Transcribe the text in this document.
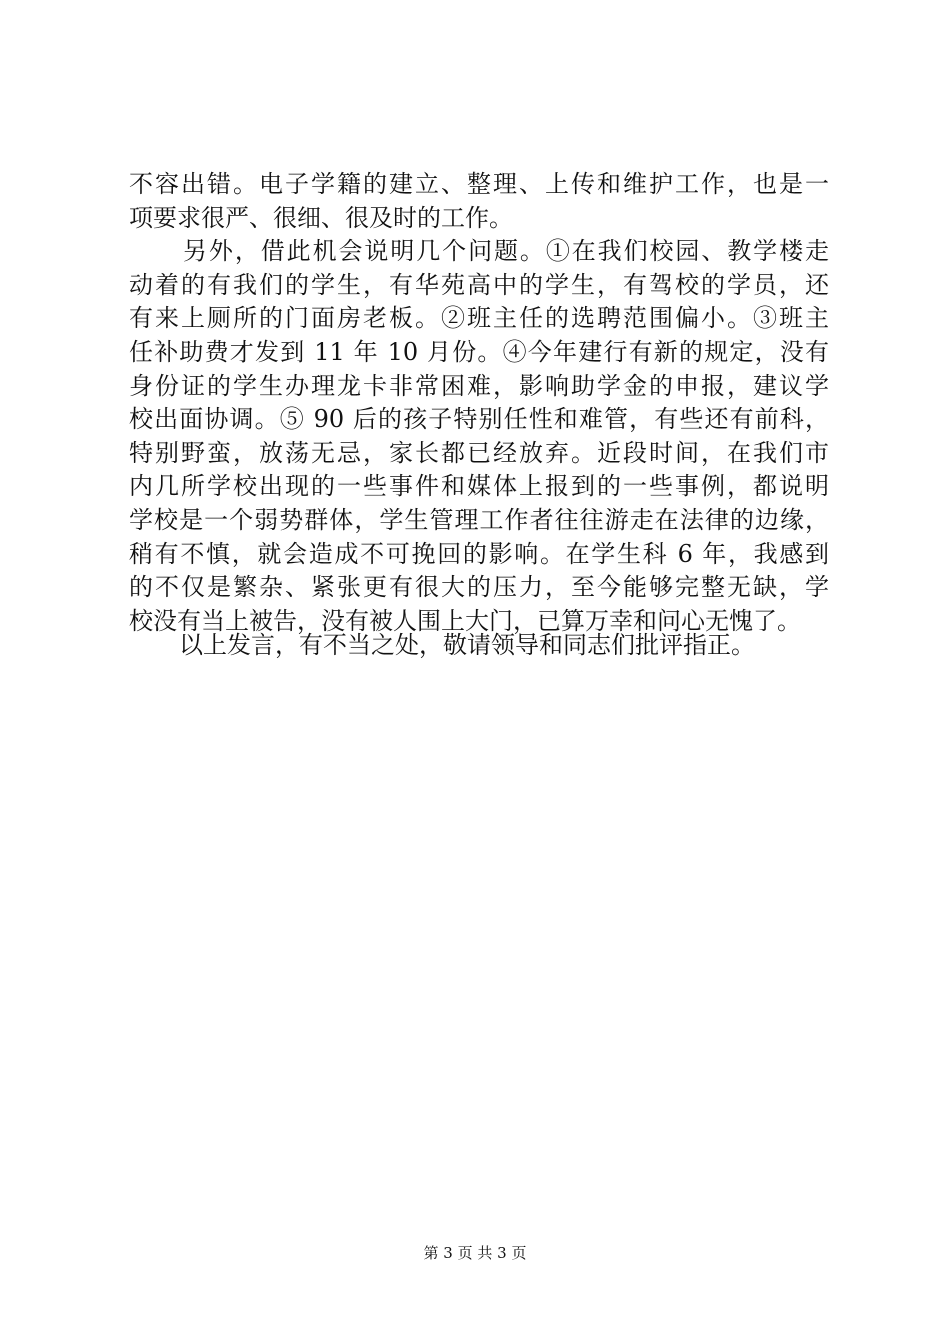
不容出错。电子学籍的建立、整理、上传和维护工作，也是一
项要求很严、很细、很及时的工作。
另外，借此机会说明几个问题。①在我们校园、教学楼走
动着的有我们的学生，有华苑高中的学生，有驾校的学员，还
有来上厕所的门面房老板。②班主任的选聘范围偏小。③班主
任补助费才发到 11 年 10 月份。④今年建行有新的规定，没有
身份证的学生办理龙卡非常困难，影响助学金的申报，建议学
校出面协调。⑤ 90 后的孩子特别任性和难管，有些还有前科，
特别野蛮，放荡无忌，家长都已经放弃。近段时间，在我们市
内几所学校出现的一些事件和媒体上报到的一些事例，都说明
学校是一个弱势群体，学生管理工作者往往游走在法律的边缘，
稍有不慎，就会造成不可挽回的影响。在学生科 6 年，我感到
的不仅是繁杂、紧张更有很大的压力，至今能够完整无缺，学
校没有当上被告，没有被人围上大门，已算万幸和问心无愧了。
以上发言，有不当之处，敬请领导和同志们批评指正。
第 3 页 共 3 页
